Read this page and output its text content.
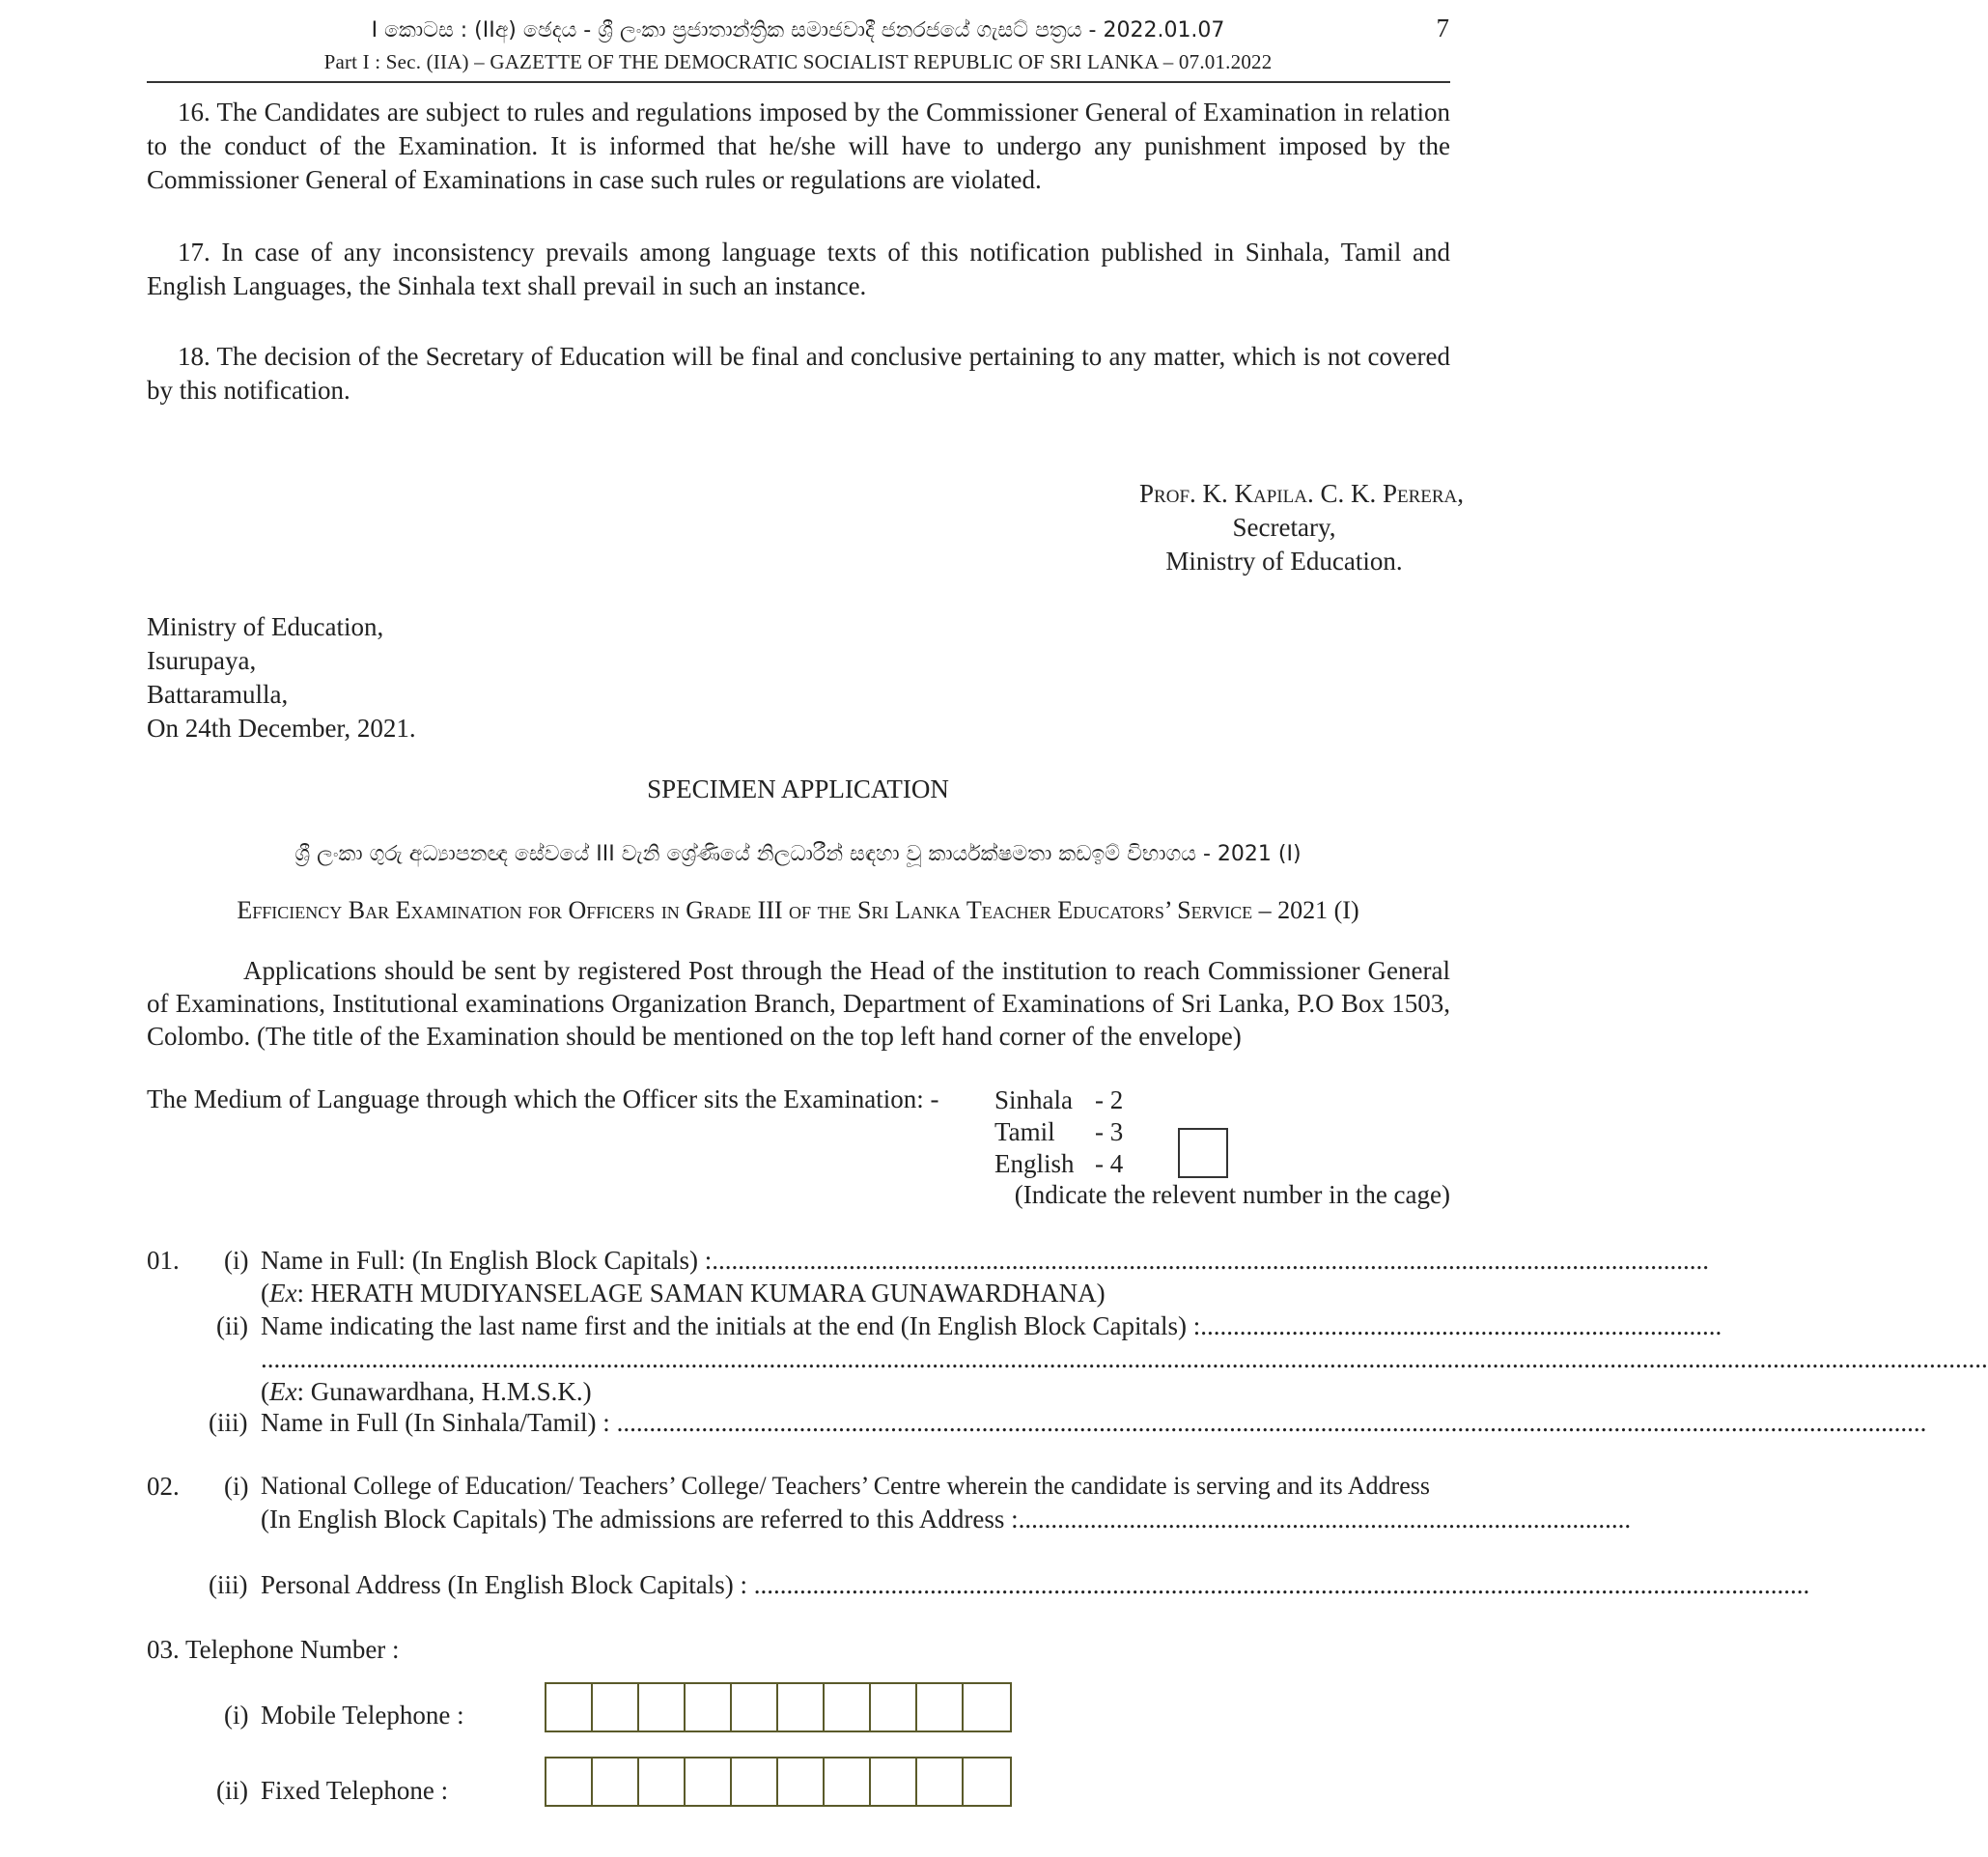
I කොටස : (IIඅ) ඡෙදය - ශ්‍රී ලංකා ප්‍රජාතාන්ත්‍රික සමාජවාදී ජනරජයේ ගැසට් පත්‍රය - 2022.01.07	7
Part I : Sec. (IIA) – GAZETTE OF THE DEMOCRATIC SOCIALIST REPUBLIC OF SRI LANKA – 07.01.2022
16. The Candidates are subject to rules and regulations imposed by the Commissioner General of Examination in relation to the conduct of the Examination. It is informed that he/she will have to undergo any punishment imposed by the Commissioner General of Examinations in case such rules or regulations are violated.
17. In case of any inconsistency prevails among language texts of this notification published in Sinhala, Tamil and English Languages, the Sinhala text shall prevail in such an instance.
18. The decision of the Secretary of Education will be final and conclusive pertaining to any matter, which is not covered by this notification.
Prof. K. Kapila. C. K. Perera,
Secretary,
Ministry of Education.
Ministry of Education,
Isurupaya,
Battaramulla,
On 24th December, 2021.
SPECIMEN APPLICATION
ශ්‍රී ලංකා ගුරු අධ්‍යාපනඥ සේවයේ III වැනි ශ්‍රේණියේ නිලධාරීන් සඳහා වූ කාර්යක්ෂමතා කඩඉම් විභාගය - 2021 (I)
Efficiency Bar Examination for Officers in Grade III of the Sri Lanka Teacher Educators’ Service – 2021 (I)
Applications should be sent by registered Post through the Head of the institution to reach Commissioner General of Examinations, Institutional examinations Organization Branch, Department of Examinations of Sri Lanka, P.O Box 1503, Colombo. (The title of the Examination should be mentioned on the top left hand corner of the envelope)
The Medium of Language through which the Officer sits the Examination: - Sinhala - 2
Tamil - 3
English - 4
(Indicate the relevent number in the cage)
01. (i) Name in Full: (In English Block Capitals) :.........................................................................................................................................................
(Ex: HERATH MUDIYANSELAGE SAMAN KUMARA GUNAWARDHANA)
(ii) Name indicating the last name first and the initials at the end (In English Block Capitals) :................................................................................
.........................................................................................................................................................................................................................................................................
(Ex: Gunawardhana, H.M.S.K.)
(iii) Name in Full (In Sinhala/Tamil) : .........................................................................................................................................................................................................
02. (i) National College of Education/ Teachers’ College/ Teachers’ Centre wherein the candidate is serving and its Address
(In English Block Capitals) The admissions are referred to this Address :..............................................................................................
(iii) Personal Address (In English Block Capitals) : ..................................................................................................................................................................
03. Telephone Number :
(i) Mobile Telephone :
(ii) Fixed Telephone :
